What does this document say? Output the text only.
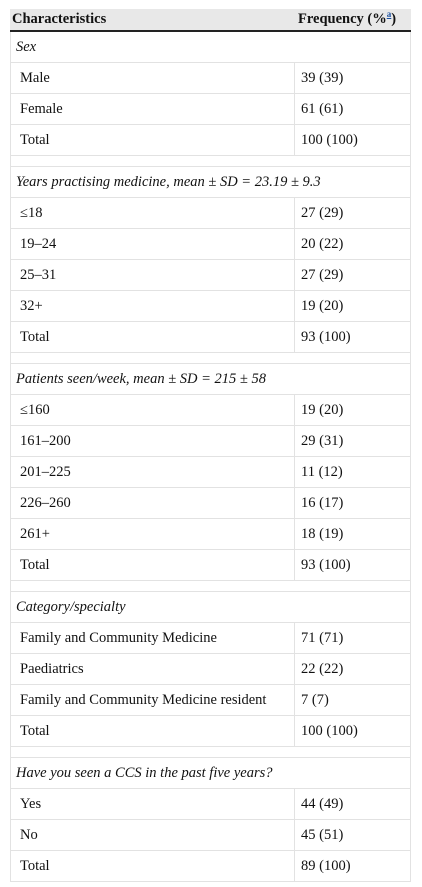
Characteristics	Frequency (%$^a$)
Sex
Male	39 (39)
Female	61 (61)
Total	100 (100)
Years practising medicine, mean ± SD = 23.19 ± 9.3
≤18	27 (29)
19–24	20 (22)
25–31	27 (29)
32+	19 (20)
Total	93 (100)
Patients seen/week, mean ± SD = 215 ± 58
≤160	19 (20)
161–200	29 (31)
201–225	11 (12)
226–260	16 (17)
261+	18 (19)
Total	93 (100)
Category/specialty
Family and Community Medicine	71 (71)
Paediatrics	22 (22)
Family and Community Medicine resident	7 (7)
Total	100 (100)
Have you seen a CCS in the past five years?
Yes	44 (49)
No	45 (51)
Total	89 (100)
